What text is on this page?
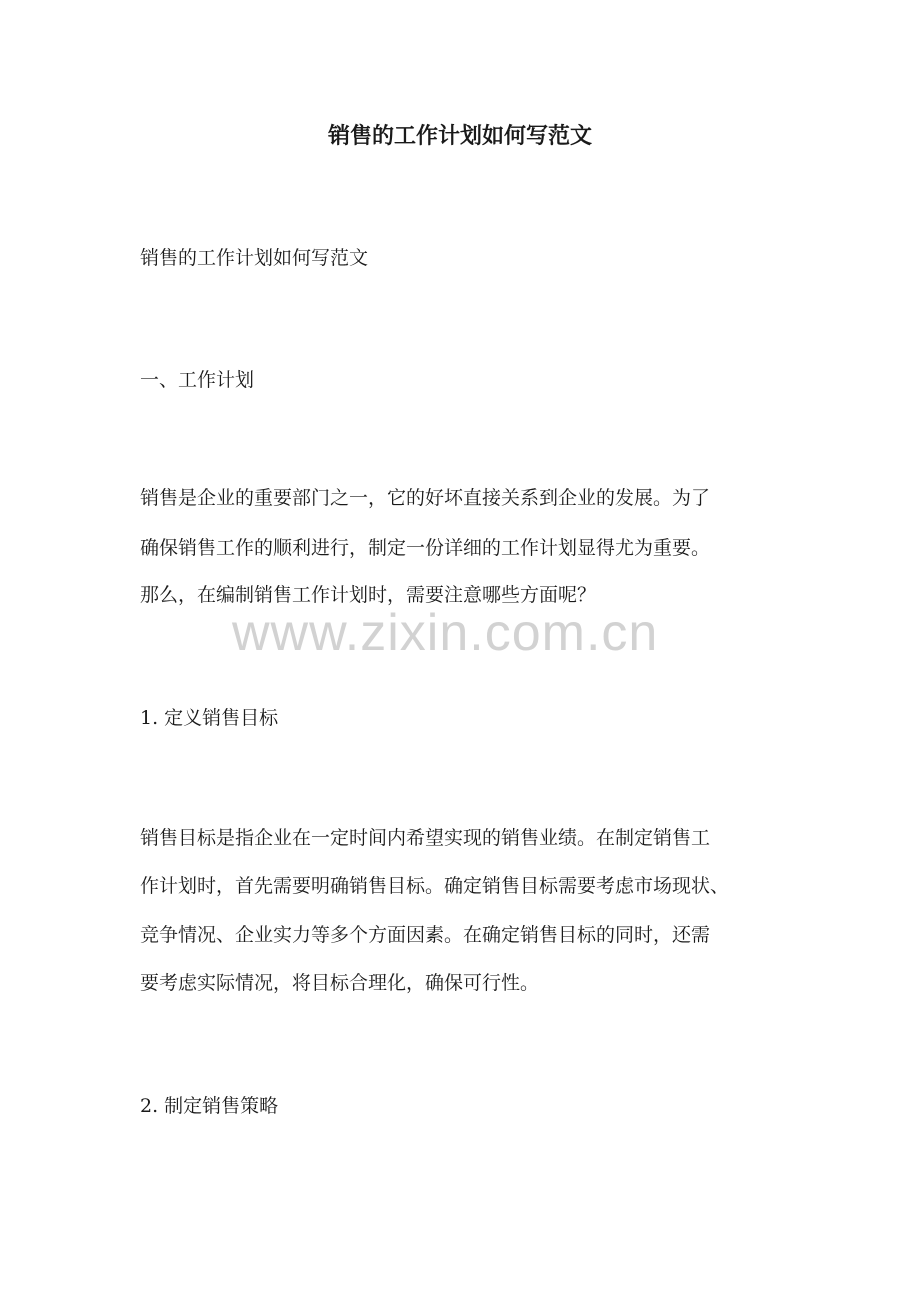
销售的工作计划如何写范文

销售的工作计划如何写范文

一、工作计划

销售是企业的重要部门之一，它的好坏直接关系到企业的发展。为了

确保销售工作的顺利进行，制定一份详细的工作计划显得尤为重要。

那么，在编制销售工作计划时，需要注意哪些方面呢？

1. 定义销售目标

销售目标是指企业在一定时间内希望实现的销售业绩。在制定销售工

作计划时，首先需要明确销售目标。确定销售目标需要考虑市场现状、

竞争情况、企业实力等多个方面因素。在确定销售目标的同时，还需

要考虑实际情况，将目标合理化，确保可行性。

2. 制定销售策略

www.zixin.com.cn
